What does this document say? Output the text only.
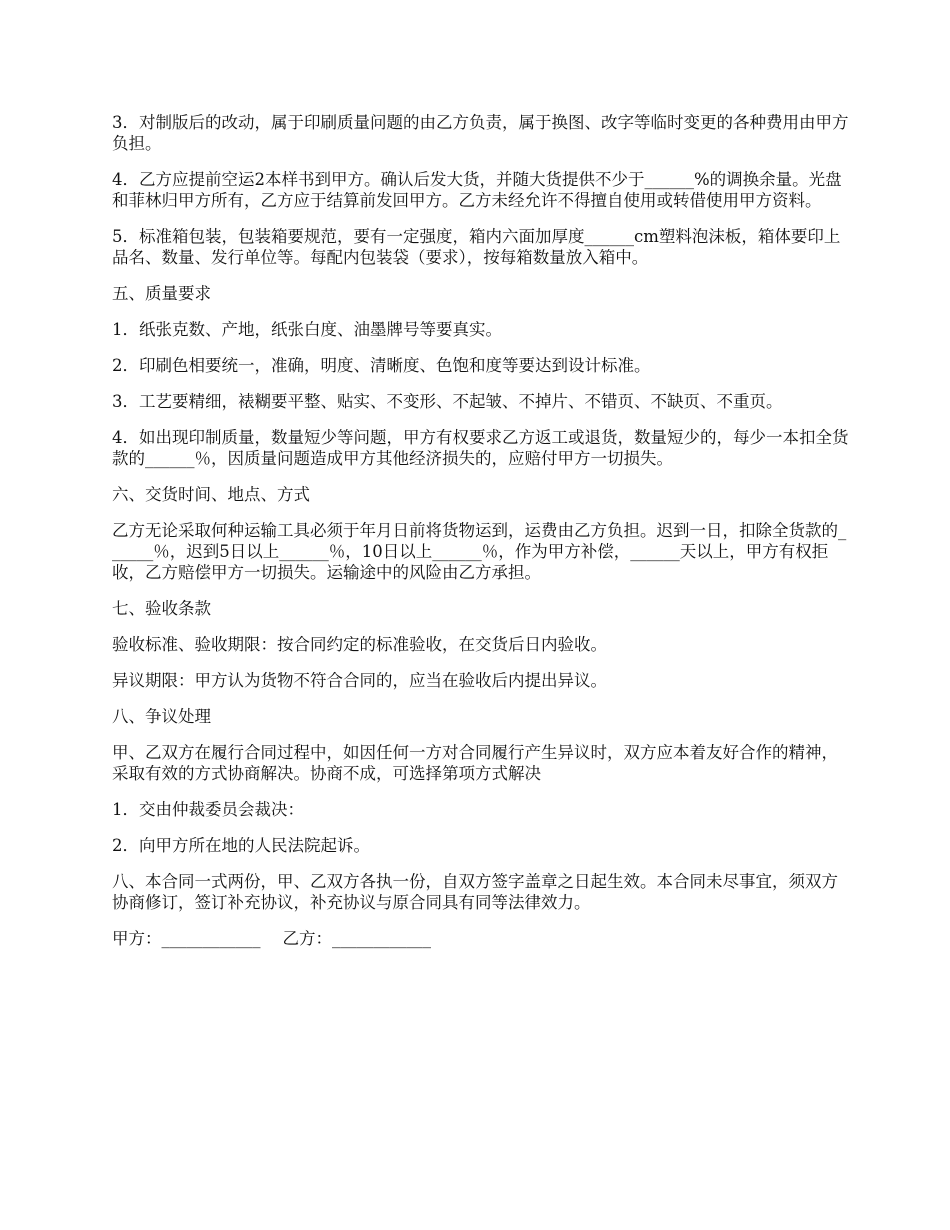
3．对制版后的改动，属于印刷质量问题的由乙方负责，属于换图、改字等临时变更的各种费用由甲方负担。

4．乙方应提前空运2本样书到甲方。确认后发大货，并随大货提供不少于______%的调换余量。光盘和菲林归甲方所有，乙方应于结算前发回甲方。乙方未经允许不得擅自使用或转借使用甲方资料。

5．标准箱包装，包装箱要规范，要有一定强度，箱内六面加厚度______cm塑料泡沫板，箱体要印上品名、数量、发行单位等。每配内包装袋（要求），按每箱数量放入箱中。

五、质量要求

1．纸张克数、产地，纸张白度、油墨牌号等要真实。

2．印刷色相要统一，准确，明度、清晰度、色饱和度等要达到设计标准。

3．工艺要精细，裱糊要平整、贴实、不变形、不起皱、不掉片、不错页、不缺页、不重页。

4．如出现印制质量，数量短少等问题，甲方有权要求乙方返工或退货，数量短少的，每少一本扣全货款的______％，因质量问题造成甲方其他经济损失的，应赔付甲方一切损失。

六、交货时间、地点、方式

乙方无论采取何种运输工具必须于年月日前将货物运到，运费由乙方负担。迟到一日，扣除全货款的______％，迟到5日以上______％，10日以上______％，作为甲方补偿，______天以上，甲方有权拒收，乙方赔偿甲方一切损失。运输途中的风险由乙方承担。

七、验收条款

验收标准、验收期限：按合同约定的标准验收，在交货后日内验收。

异议期限：甲方认为货物不符合合同的，应当在验收后内提出异议。

八、争议处理

甲、乙双方在履行合同过程中，如因任何一方对合同履行产生异议时，双方应本着友好合作的精神，采取有效的方式协商解决。协商不成，可选择第项方式解决

1．交由仲裁委员会裁决：

2．向甲方所在地的人民法院起诉。

八、本合同一式两份，甲、乙双方各执一份，自双方签字盖章之日起生效。本合同未尽事宜，须双方协商修订，签订补充协议，补充协议与原合同具有同等法律效力。

甲方：____________ 乙方：____________
